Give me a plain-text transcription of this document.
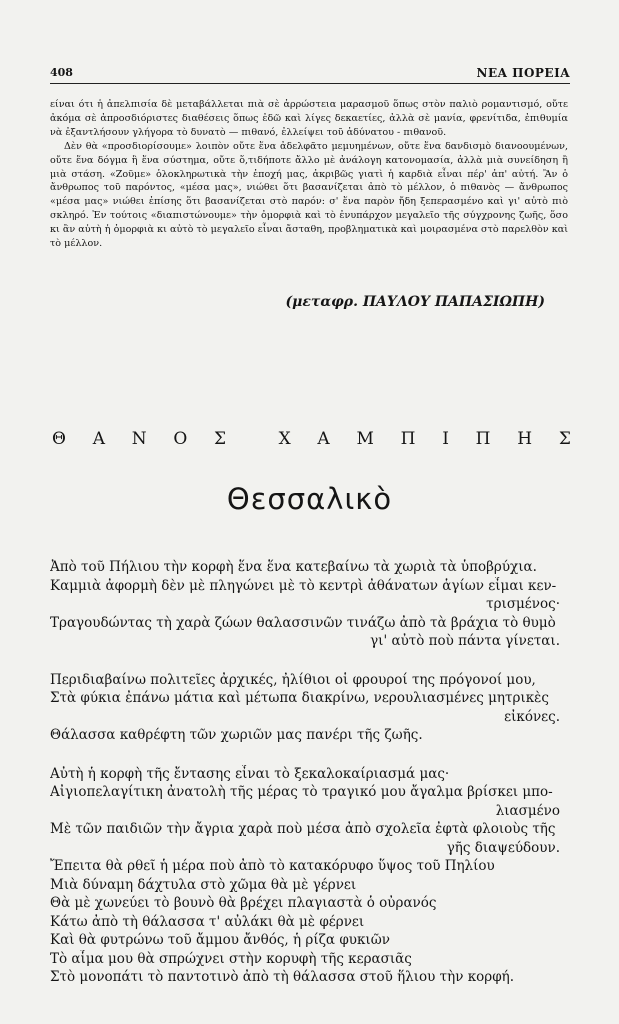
408	ΝΕΑ ΠΟΡΕΙΑ

είναι ότι ἡ ἀπελπισία δὲ μεταβάλλεται πιὰ σὲ ἀρρώστεια μαρασμοῦ ὅπως στὸν παλιὸ ρομαντισμό, οὔτε ἀκόμα σὲ ἀπροσδιόριστες διαθέσεις ὅπως ἐδῶ καὶ λίγες δεκαετίες, ἀλλὰ σὲ μανία, φρενίτιδα, ἐπιθυμία νὰ ἐξαντλήσουν γλήγορα τὸ δυνατὸ — πιθανό, ἐλλείψει τοῦ ἀδύνατου - πιθανοῦ.

Δὲν θὰ «προσδιορίσουμε» λοιπὸν οὔτε ἕνα ἀδελφᾶτο μεμυημένων, οὔτε ἕνα δανδισμὸ διανοουμένων, οὔτε ἕνα δόγμα ἢ ἕνα σύστημα, οὔτε ὅ,τιδήποτε ἄλλο μὲ ἀνάλογη κατονομασία, ἀλλὰ μιὰ συνείδηση ἢ μιὰ στάση. «Ζοῦμε» ὁλοκληρωτικὰ τὴν ἐποχή μας, ἀκριβῶς γιατὶ ἡ καρδιὰ εἶναι πέρ' ἀπ' αὐτή. Ἂν ὁ ἄνθρωπος τοῦ παρόντος, «μέσα μας», νιώθει ὅτι βασανίζεται ἀπὸ τὸ μέλλον, ὁ πιθανὸς — ἄνθρωπος «μέσα μας» νιώθει ἐπίσης ὅτι βασανίζεται στὸ παρόν: σ' ἕνα παρὸν ἤδη ξεπερασμένο καὶ γι' αὐτὸ πιὸ σκληρό. Ἐν τούτοις «διαπιστώνουμε» τὴν ὀμορφιὰ καὶ τὸ ἐνυπάρχον μεγαλεῖο τῆς σύγχρονης ζωῆς, ὅσο κι ἂν αὐτὴ ἡ ὀμορφιὰ κι αὐτὸ τὸ μεγαλεῖο εἶναι ἄσταθη, προβληματικὰ καὶ μοιρασμένα στὸ παρελθὸν καὶ τὸ μέλλον.

(μεταφρ. ΠΑΥΛΟΥ ΠΑΠΑΣΙΩΠΗ)
Θ Α Ν Ο Σ	Χ Α Μ Π Ι Π Η Σ
Θεσσαλικὸ
Ἀπὸ τοῦ Πήλιου τὴν κορφὴ ἕνα ἕνα κατεβαίνω τὰ χωριὰ τὰ ὑποβρύχια.
Καμμιὰ ἀφορμὴ δὲν μὲ πληγώνει μὲ τὸ κεντρὶ ἀθάνατων ἁγίων εἶμαι κεν-
τρισμένος·
Τραγουδώντας τὴ χαρὰ ζώων θαλασσινῶν τινάζω ἀπὸ τὰ βράχια τὸ θυμὸ
γι' αὐτὸ ποὺ πάντα γίνεται.
Περιδιαβαίνω πολιτεῖες ἀρχικές, ἠλίθιοι οἱ φρουροί της πρόγονοί μου,
Στὰ φύκια ἐπάνω μάτια καὶ μέτωπα διακρίνω, νερουλιασμένες μητρικὲς
εἰκόνες.
Θάλασσα καθρέφτη τῶν χωριῶν μας πανέρι τῆς ζωῆς.
Αὐτὴ ἡ κορφὴ τῆς ἔντασης εἶναι τὸ ξεκαλοκαίριασμά μας·
Αἰγιοπελαγίτικη ἀνατολὴ τῆς μέρας τὸ τραγικό μου ἄγαλμα βρίσκει μπο-
λιασμένο
Μὲ τῶν παιδιῶν τὴν ἄγρια χαρὰ ποὺ μέσα ἀπὸ σχολεῖα ἐφτὰ φλοιοὺς τῆς
γῆς διαψεύδουν.
Ἔπειτα θὰ ρθεῖ ἡ μέρα ποὺ ἀπὸ τὸ κατακόρυφο ὕψος τοῦ Πηλίου
Μιὰ δύναμη δάχτυλα στὸ χῶμα θὰ μὲ γέρνει
Θὰ μὲ χωνεύει τὸ βουνὸ θὰ βρέχει πλαγιαστὰ ὁ οὐρανός
Κάτω ἀπὸ τὴ θάλασσα τ' αὐλάκι θὰ μὲ φέρνει
Καὶ θὰ φυτρώνω τοῦ ἄμμου ἄνθός, ἡ ρίζα φυκιῶν
Τὸ αἷμα μου θὰ σπρώχνει στὴν κορυφὴ τῆς κερασιᾶς
Στὸ μονοπάτι τὸ παντοτινὸ ἀπὸ τὴ θάλασσα στοῦ ἥλιου τὴν κορφή.
